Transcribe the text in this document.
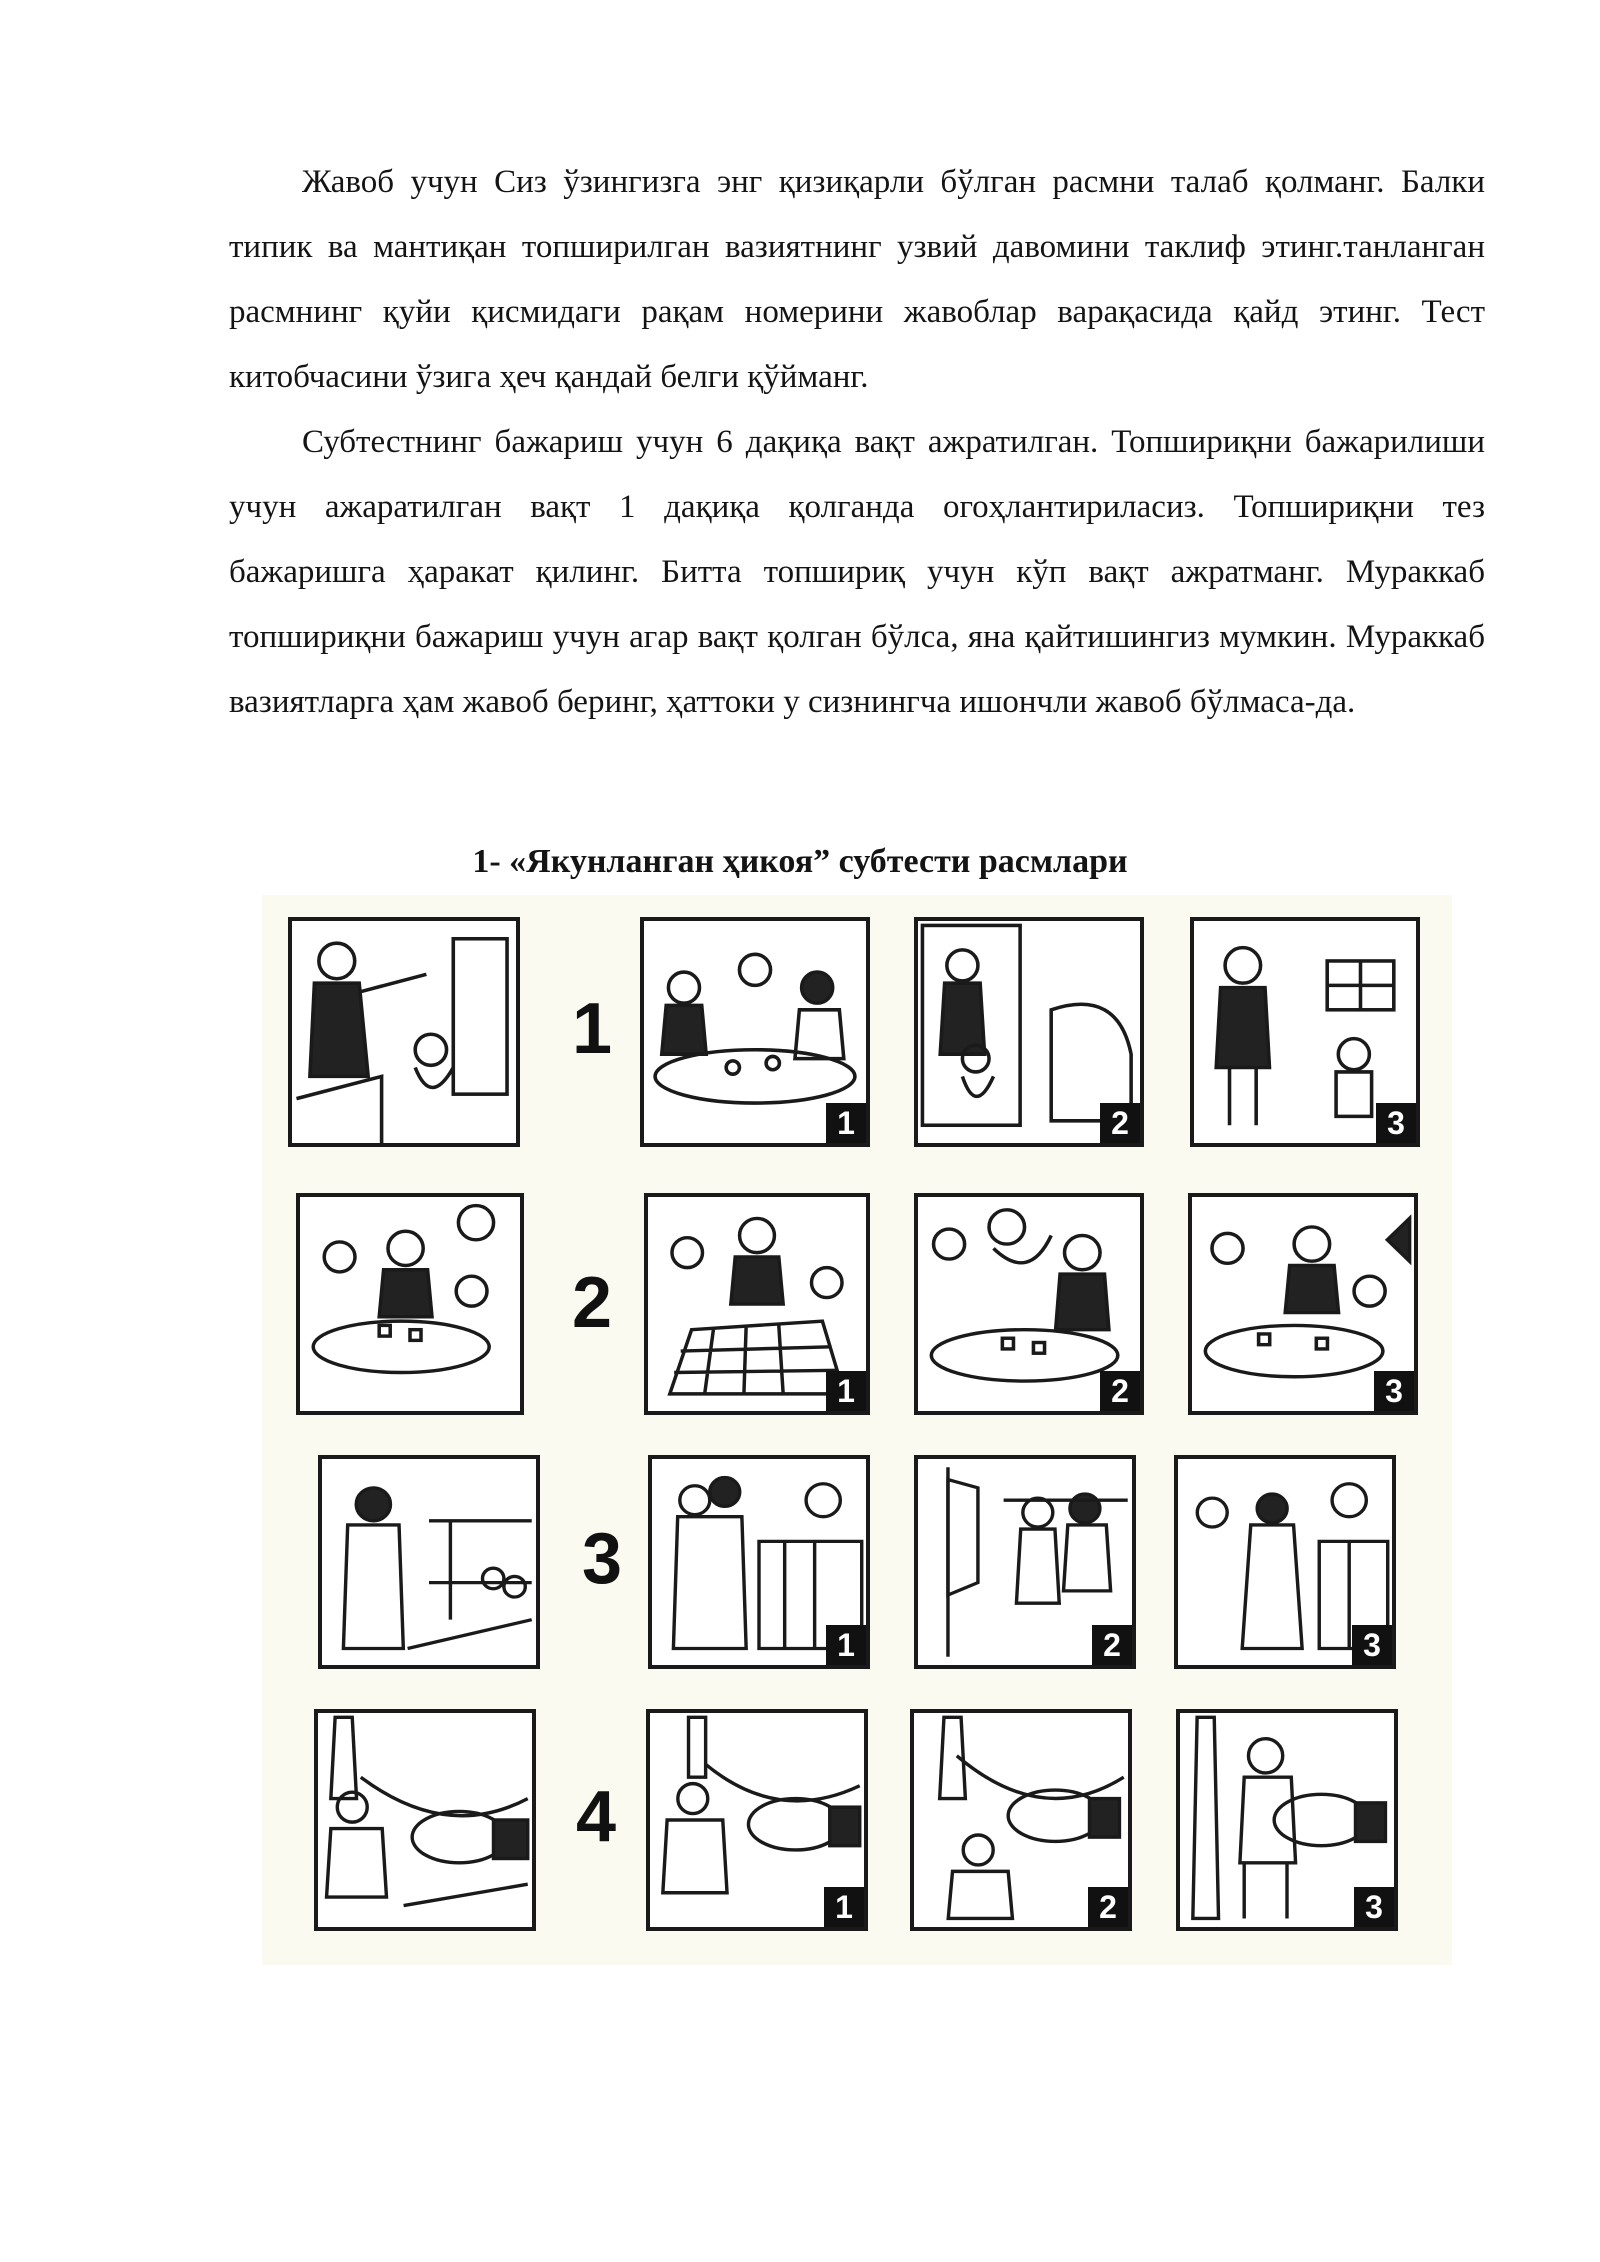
Жавоб учун Сиз ўзингизга энг қизиқарли бўлган расмни талаб қолманг. Балки типик ва мантиқан топширилган вазиятнинг узвий давомини таклиф этинг.танланган расмнинг қуйи қисмидаги рақам номерини жавоблар варақасида қайд этинг. Тест китобчасини ўзига ҳеч қандай белги қўйманг.

Субтестнинг бажариш учун 6 дақиқа вақт ажратилган. Топшириқни бажарилиши учун ажаратилган вақт 1 дақиқа қолганда огоҳлантириласиз. Топшириқни тез бажаришга ҳаракат қилинг. Битта топшириқ учун кўп вақт ажратманг. Мураккаб топшириқни бажариш учун агар вақт қолган бўлса, яна қайтишингиз мумкин. Мураккаб вазиятларга ҳам жавоб беринг, ҳаттоки у сизнингча ишончли жавоб бўлмаса-да.

1- «Якунланган ҳикоя” субтести расмлари
1
1	2	3
2
1	2	3
3
1	2	3
4
1	2	3
